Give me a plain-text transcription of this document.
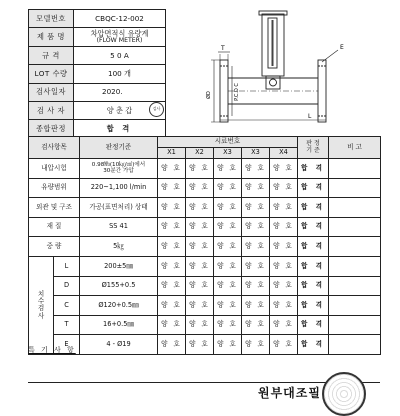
모델번호	CBQC-12-002
제 품 명	차압면적식 유량계
(FLOW METER)

규 격	5 0 A
LOT 수량	100 개
검사일자	2020.
검 사 자	양 춘 갑 검사

종합판정	합 격
T	E
ØD	P.C.D C
L
검사항목		판정기준	시료번호					판 정
기 준	비 고
			X1	X2	X3	X3	X4		
내압시험		0.98㎫(10㎏/㎠)에서
30분간 가압	양 호	양 호	양 호	양 호	양 호	합 격	
유량범위		220~1,100 l/min	양 호	양 호	양 호	양 호	양 호	합 격	
외관 및 구조		가공(표면처리) 상태	양 호	양 호	양 호	양 호	양 호	합 격	
재 질		SS 41	양 호	양 호	양 호	양 호	양 호	합 격	
중 량		5㎏	양 호	양 호	양 호	양 호	양 호	합 격	

치
수
검
사	L	200±5㎜	양 호	양 호	양 호	양 호	양 호	합 격	
	D	Ø155+0.5	양 호	양 호	양 호	양 호	양 호	합 격	
	C	Ø120+0.5㎜	양 호	양 호	양 호	양 호	양 호	합 격	
	T	16+0.5㎜	양 호	양 호	양 호	양 호	양 호	합 격	
	E	4 - Ø19	양 호	양 호	양 호	양 호	양 호	합 격	
특 기 사 항
원부대조필
